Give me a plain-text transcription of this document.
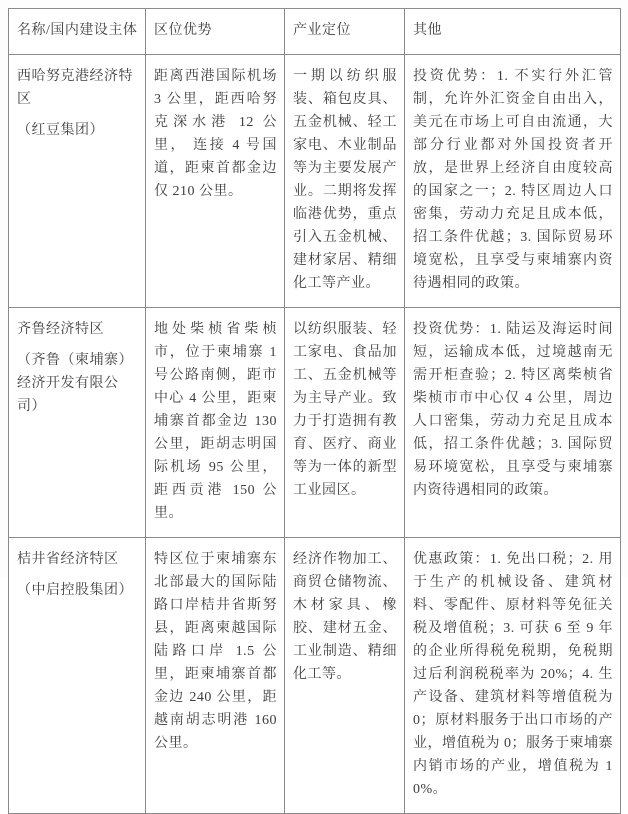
名称/国内建设主体	区位优势	产业定位	其他
西哈努克港经济特区
（红豆集团）	距离西港国际机场 3 公里，距西哈努克深水港 12 公里， 连接 4 号国道，距柬首都金边仅 210 公里。	一期以纺织服装、箱包皮具、五金机械、轻工家电、木业制品等为主要发展产业。二期将发挥临港优势，重点引入五金机械、建材家居、精细化工等产业。	投资优势：1. 不实行外汇管制，允许外汇资金自由出入，美元在市场上可自由流通，大部分行业都对外国投资者开放，是世界上经济自由度较高的国家之一；2. 特区周边人口密集，劳动力充足且成本低，招工条件优越；3. 国际贸易环境宽松，且享受与柬埔寨内资待遇相同的政策。
齐鲁经济特区
（齐鲁（柬埔寨）经济开发有限公司）	地处柴桢省柴桢市，位于柬埔寨 1 号公路南侧，距市中心 4 公里，距柬埔寨首都金边 130 公里，距胡志明国际机场 95 公里，距西贡港 150 公里。	以纺织服装、轻工家电、食品加工、五金机械等为主导产业。致力于打造拥有教育、医疗、商业等为一体的新型工业园区。	投资优势：1. 陆运及海运时间短，运输成本低，过境越南无需开柜查验；2. 特区离柴桢省柴桢市市中心仅 4 公里，周边人口密集，劳动力充足且成本低，招工条件优越；3. 国际贸易环境宽松，且享受与柬埔寨内资待遇相同的政策。
桔井省经济特区
（中启控股集团）	特区位于柬埔寨东北部最大的国际陆路口岸桔井省斯努县，距离柬越国际陆路口岸 1.5 公里，距柬埔寨首都金边 240 公里，距越南胡志明港 160 公里。	经济作物加工、商贸仓储物流、木材家具、橡胶、建材五金、工业制造、精细化工等。	优惠政策：1. 免出口税；2. 用于生产的机械设备、建筑材料、零配件、原材料等免征关税及增值税；3. 可获 6 至 9 年的企业所得税免税期，免税期过后利润税税率为 20%；4. 生产设备、建筑材料等增值税为 0；原材料服务于出口市场的产业，增值税为 0；服务于柬埔寨内销市场的产业，增值税为 10%。
